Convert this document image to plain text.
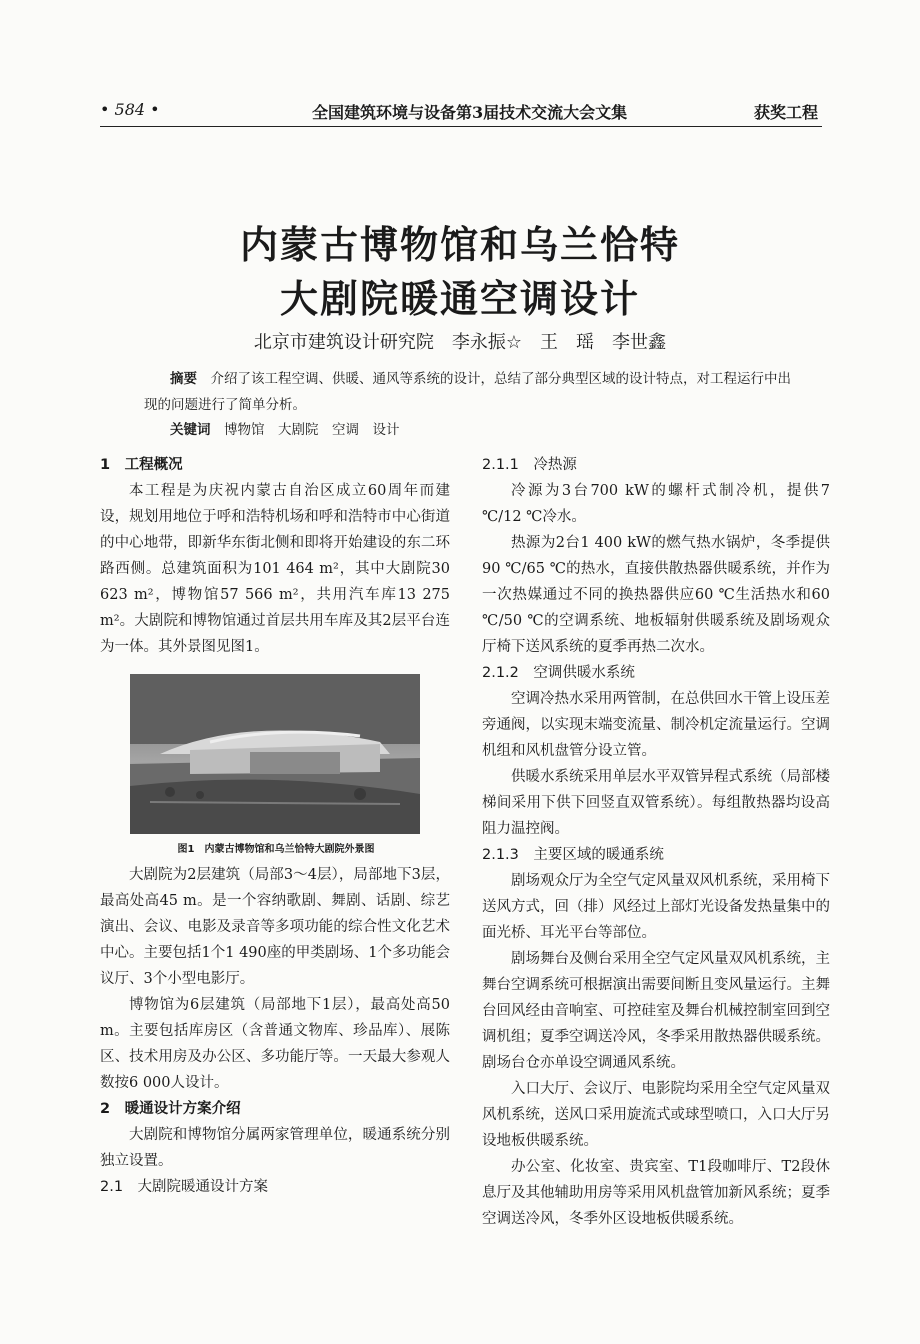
• 584 •	全国建筑环境与设备第3届技术交流大会文集	获奖工程
内蒙古博物馆和乌兰恰特
大剧院暖通空调设计
北京市建筑设计研究院　李永振☆　王　瑶　李世鑫
摘要　 介绍了该工程空调、供暖、通风等系统的设计，总结了部分典型区域的设计特点，对工程运行中出现的问题进行了简单分析。
关键词　 博物馆　大剧院　空调　设计
1　工程概况

本工程是为庆祝内蒙古自治区成立60周年而建设，规划用地位于呼和浩特机场和呼和浩特市中心街道的中心地带，即新华东街北侧和即将开始建设的东二环路西侧。总建筑面积为101 464 m²，其中大剧院30 623 m²，博物馆57 566 m²，共用汽车库13 275 m²。大剧院和博物馆通过首层共用车库及其2层平台连为一体。其外景图见图1。

图1　内蒙古博物馆和乌兰恰特大剧院外景图

大剧院为2层建筑（局部3～4层），局部地下3层，最高处高45 m。是一个容纳歌剧、舞剧、话剧、综艺演出、会议、电影及录音等多项功能的综合性文化艺术中心。主要包括1个1 490座的甲类剧场、1个多功能会议厅、3个小型电影厅。

博物馆为6层建筑（局部地下1层），最高处高50 m。主要包括库房区（含普通文物库、珍品库）、展陈区、技术用房及办公区、多功能厅等。一天最大参观人数按6 000人设计。

2　暖通设计方案介绍

大剧院和博物馆分属两家管理单位，暖通系统分别独立设置。

2.1　大剧院暖通设计方案
2.1.1　冷热源

冷源为3台700 kW的螺杆式制冷机，提供7 ℃/12 ℃冷水。

热源为2台1 400 kW的燃气热水锅炉，冬季提供90 ℃/65 ℃的热水，直接供散热器供暖系统，并作为一次热媒通过不同的换热器供应60 ℃生活热水和60 ℃/50 ℃的空调系统、地板辐射供暖系统及剧场观众厅椅下送风系统的夏季再热二次水。

2.1.2　空调供暖水系统

空调冷热水采用两管制，在总供回水干管上设压差旁通阀，以实现末端变流量、制冷机定流量运行。空调机组和风机盘管分设立管。

供暖水系统采用单层水平双管异程式系统（局部楼梯间采用下供下回竖直双管系统）。每组散热器均设高阻力温控阀。

2.1.3　主要区域的暖通系统

剧场观众厅为全空气定风量双风机系统，采用椅下送风方式，回（排）风经过上部灯光设备发热量集中的面光桥、耳光平台等部位。

剧场舞台及侧台采用全空气定风量双风机系统，主舞台空调系统可根据演出需要间断且变风量运行。主舞台回风经由音响室、可控硅室及舞台机械控制室回到空调机组；夏季空调送冷风，冬季采用散热器供暖系统。剧场台仓亦单设空调通风系统。

入口大厅、会议厅、电影院均采用全空气定风量双风机系统，送风口采用旋流式或球型喷口，入口大厅另设地板供暖系统。

办公室、化妆室、贵宾室、T1段咖啡厅、T2段休息厅及其他辅助用房等采用风机盘管加新风系统；夏季空调送冷风，冬季外区设地板供暖系统。
